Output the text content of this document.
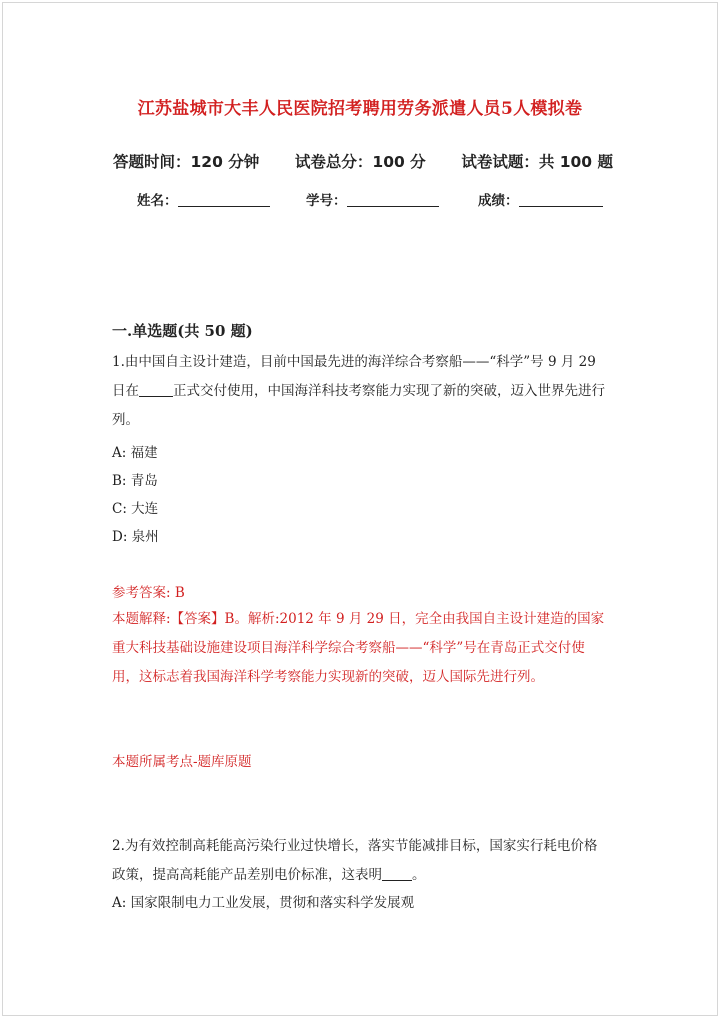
江苏盐城市大丰人民医院招考聘用劳务派遣人员5人模拟卷
答题时间：120 分钟 试卷总分：100 分 试卷试题：共 100 题
姓名：	学号：	成绩：
一.单选题(共 50 题)
1.由中国自主设计建造，目前中国最先进的海洋综合考察船——“科学”号 9 月 29 日在	正式交付使用，中国海洋科技考察能力实现了新的突破，迈入世界先进行列。
A: 福建
B: 青岛
C: 大连
D: 泉州
参考答案: B
本题解释:【答案】B。解析:2012 年 9 月 29 日，完全由我国自主设计建造的国家重大科技基础设施建设项目海洋科学综合考察船——“科学”号在青岛正式交付使用，这标志着我国海洋科学考察能力实现新的突破，迈人国际先进行列。
本题所属考点-题库原题
2.为有效控制高耗能高污染行业过快增长，落实节能减排目标，国家实行耗电价格政策，提高高耗能产品差别电价标准，这表明 。
A: 国家限制电力工业发展，贯彻和落实科学发展观
